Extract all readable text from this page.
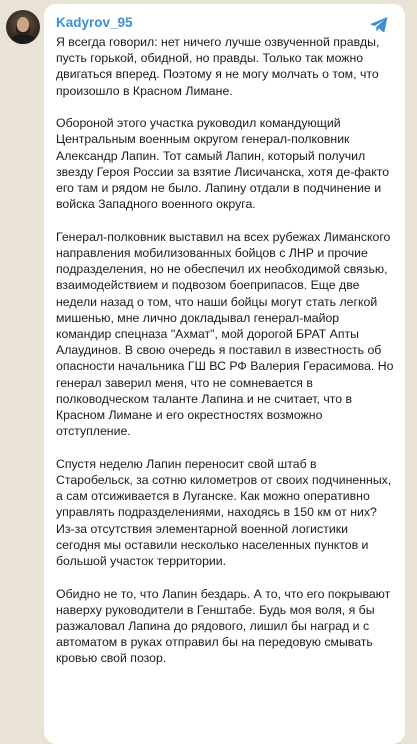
Kadyrov_95

Я всегда говорил: нет ничего лучше озвученной правды, пусть горькой, обидной, но правды. Только так можно двигаться вперед. Поэтому я не могу молчать о том, что произошло в Красном Лимане.

Обороной этого участка руководил командующий Центральным военным округом генерал-полковник Александр Лапин. Тот самый Лапин, который получил звезду Героя России за взятие Лисичанска, хотя де-факто его там и рядом не было. Лапину отдали в подчинение и войска Западного военного округа.

Генерал-полковник выставил на всех рубежах Лиманского направления мобилизованных бойцов с ЛНР и прочие подразделения, но не обеспечил их необходимой связью, взаимодействием и подвозом боеприпасов. Еще две недели назад о том, что наши бойцы могут стать легкой мишенью, мне лично докладывал генерал-майор командир спецназа "Ахмат", мой дорогой БРАТ Апты Алаудинов. В свою очередь я поставил в известность об опасности начальника ГШ ВС РФ Валерия Герасимова. Но генерал заверил меня, что не сомневается в полководческом таланте Лапина и не считает, что в Красном Лимане и его окрестностях возможно отступление.

Спустя неделю Лапин переносит свой штаб в Старобельск, за сотню километров от своих подчиненных, а сам отсиживается в Луганске. Как можно оперативно управлять подразделениями, находясь в 150 км от них? Из-за отсутствия элементарной военной логистики сегодня мы оставили несколько населенных пунктов и большой участок территории.

Обидно не то, что Лапин бездарь. А то, что его покрывают наверху руководители в Генштабе. Будь моя воля, я бы разжаловал Лапина до рядового, лишил бы наград и с автоматом в руках отправил бы на передовую смывать кровью свой позор.
